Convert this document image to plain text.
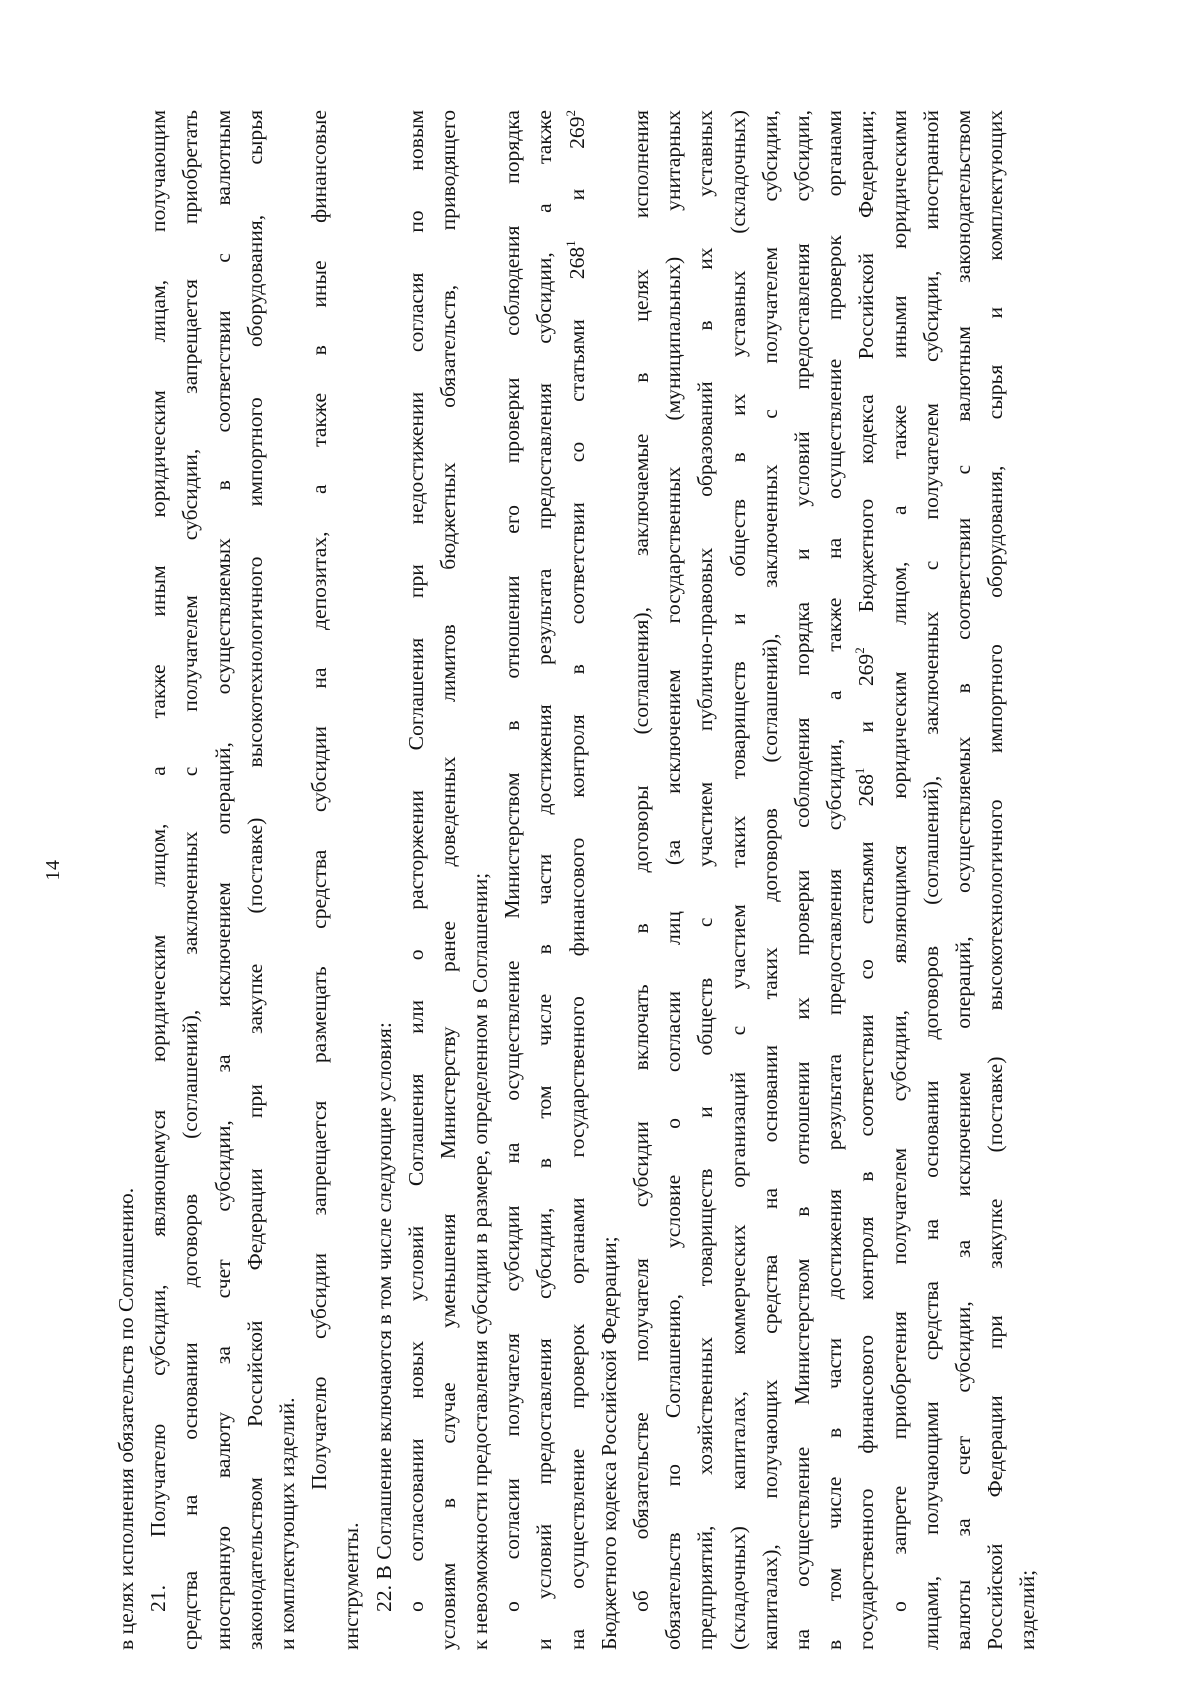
14
в целях исполнения обязательств по Соглашению. 21. Получателю субсидии, являющемуся юридическим лицом, а также иным юридическим лицам, получающим средства на основании договоров (соглашений), заключенных с получателем субсидии, запрещается приобретать иностранную валюту за счет субсидии, за исключением операций, осуществляемых в соответствии с валютным законодательством Российской Федерации при закупке (поставке) высокотехнологичного импортного оборудования, сырья и комплектующих изделий.
Получателю субсидии запрещается размещать средства субсидии на депозитах, а также в иные финансовые
инструменты. 22. В Соглашение включаются в том числе следующие условия: о согласовании новых условий Соглашения или о расторжении Соглашения при недостижении согласия по новым условиям в случае уменьшения Министерству ранее доведенных лимитов бюджетных обязательств, приводящего к невозможности предоставления субсидии в размере, определенном в Соглашении; о согласии получателя субсидии на осуществление Министерством в отношении его проверки соблюдения порядка и условий предоставления субсидии, в том числе в части достижения результата предоставления субсидии, а также на осуществление проверок органами государственного финансового контроля в соответствии со статьями $268^1$ и $269^2$
Бюджетного кодекса Российской Федерации; об обязательстве получателя субсидии включать в договоры (соглашения), заключаемые в целях исполнения обязательств по Соглашению, условие о согласии лиц (за исключением государственных (муниципальных) унитарных предприятий, хозяйственных товариществ и обществ с участием публично-правовых образований в их уставных (складочных) капиталах, коммерческих организаций с участием таких товариществ и обществ в их уставных (складочных) капиталах), получающих средства на основании таких договоров (соглашений), заключенных с получателем субсидии, на осуществление Министерством в отношении их проверки соблюдения порядка и условий предоставления субсидии, в том числе в части достижения результата предоставления субсидии, а также на осуществление проверок органами государственного финансового контроля в соответствии со статьями $268^1$ и $269^2$ Бюджетного кодекса Российской Федерации; о запрете приобретения получателем субсидии, являющимся юридическим лицом, а также иными юридическими лицами, получающими средства на основании договоров (соглашений), заключенных с получателем субсидии, иностранной валюты за счет субсидии, за исключением операций, осуществляемых в соответствии с валютным законодательством Российской Федерации при закупке (поставке) высокотехнологичного импортного оборудования, сырья и комплектующих изделий;
